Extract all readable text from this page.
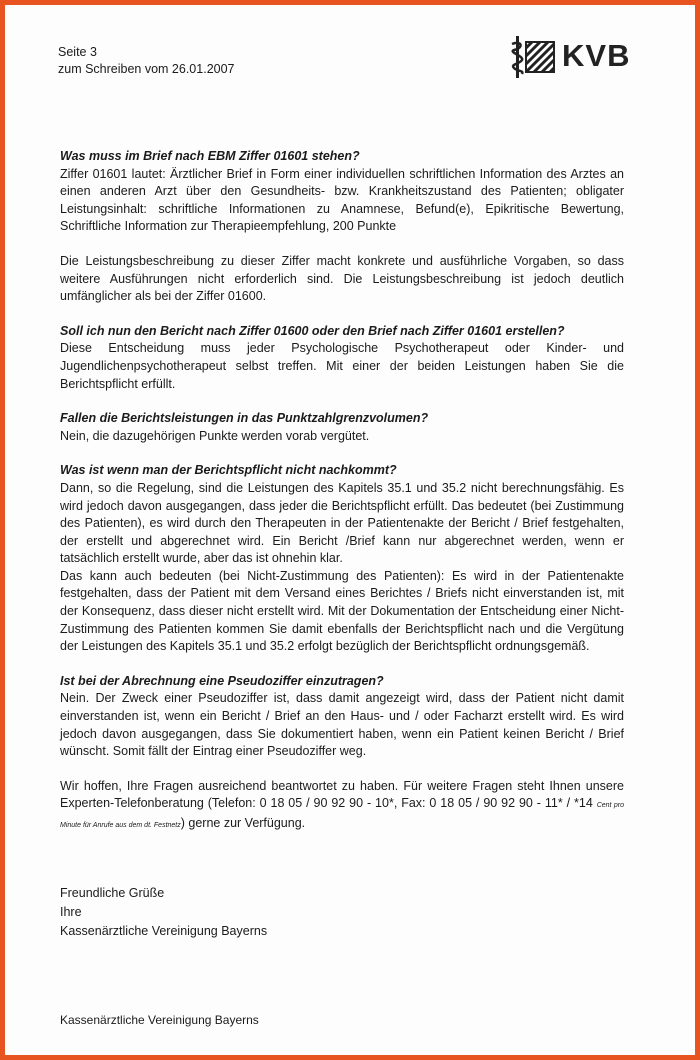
Seite 3
zum Schreiben vom 26.01.2007	KVB

Was muss im Brief nach EBM Ziffer 01601 stehen?

Ziffer 01601 lautet: Ärztlicher Brief in Form einer individuellen schriftlichen Information des Arztes an einen anderen Arzt über den Gesundheits- bzw. Krankheitszustand des Patienten; obligater Leistungsinhalt: schriftliche Informationen zu Anamnese, Befund(e), Epikritische Bewertung, Schriftliche Information zur Therapieempfehlung, 200 Punkte

Die Leistungsbeschreibung zu dieser Ziffer macht konkrete und ausführliche Vorgaben, so dass weitere Ausführungen nicht erforderlich sind. Die Leistungsbeschreibung ist jedoch deutlich umfänglicher als bei der Ziffer 01600.

Soll ich nun den Bericht nach Ziffer 01600 oder den Brief nach Ziffer 01601 erstellen?

Diese Entscheidung muss jeder Psychologische Psychotherapeut oder Kinder- und Jugendlichenpsychotherapeut selbst treffen. Mit einer der beiden Leistungen haben Sie die Berichtspflicht erfüllt.

Fallen die Berichtsleistungen in das Punktzahlgrenzvolumen?

Nein, die dazugehörigen Punkte werden vorab vergütet.

Was ist wenn man der Berichtspflicht nicht nachkommt?

Dann, so die Regelung, sind die Leistungen des Kapitels 35.1 und 35.2 nicht berechnungsfähig. Es wird jedoch davon ausgegangen, dass jeder die Berichtspflicht erfüllt. Das bedeutet (bei Zustimmung des Patienten), es wird durch den Therapeuten in der Patientenakte der Bericht / Brief festgehalten, der erstellt und abgerechnet wird. Ein Bericht /Brief kann nur abgerechnet werden, wenn er tatsächlich erstellt wurde, aber das ist ohnehin klar.

Das kann auch bedeuten (bei Nicht-Zustimmung des Patienten): Es wird in der Patientenakte festgehalten, dass der Patient mit dem Versand eines Berichtes / Briefs nicht einverstanden ist, mit der Konsequenz, dass dieser nicht erstellt wird. Mit der Dokumentation der Entscheidung einer Nicht-Zustimmung des Patienten kommen Sie damit ebenfalls der Berichtspflicht nach und die Vergütung der Leistungen des Kapitels 35.1 und 35.2 erfolgt bezüglich der Berichtspflicht ordnungsgemäß.

Ist bei der Abrechnung eine Pseudoziffer einzutragen?

Nein. Der Zweck einer Pseudoziffer ist, dass damit angezeigt wird, dass der Patient nicht damit einverstanden ist, wenn ein Bericht / Brief an den Haus- und / oder Facharzt erstellt wird. Es wird jedoch davon ausgegangen, dass Sie dokumentiert haben, wenn ein Patient keinen Bericht / Brief wünscht. Somit fällt der Eintrag einer Pseudoziffer weg.

Wir hoffen, Ihre Fragen ausreichend beantwortet zu haben. Für weitere Fragen steht Ihnen unsere Experten-Telefonberatung (Telefon: 0 18 05 / 90 92 90 - 10*, Fax: 0 18 05 / 90 92 90 - 11* / *14 Cent pro Minute für Anrufe aus dem dt. Festnetz) gerne zur Verfügung.

Freundliche Grüße
Ihre
Kassenärztliche Vereinigung Bayerns
Kassenärztliche Vereinigung Bayerns
